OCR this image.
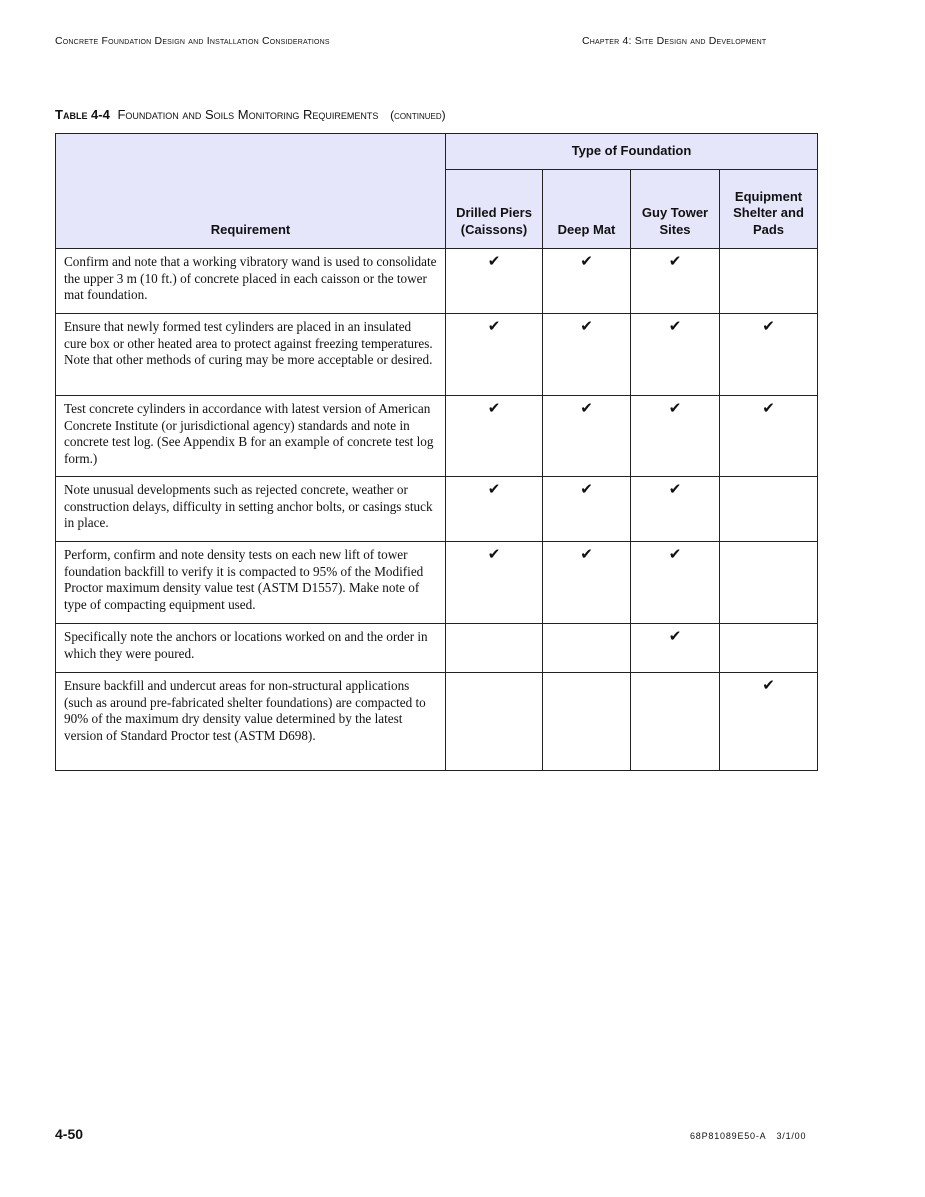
Concrete Foundation Design and Installation Considerations	Chapter 4: Site Design and Development
Table 4-4 Foundation and Soils Monitoring Requirements (continued)
Requirement	Type of Foundation			
	Drilled Piers (Caissons)	Deep Mat	Guy Tower Sites	Equipment Shelter and Pads
Confirm and note that a working vibratory wand is used to consolidate the upper 3 m (10 ft.) of concrete placed in each caisson or the tower mat foundation.	✔	✔	✔	
Ensure that newly formed test cylinders are placed in an insulated cure box or other heated area to protect against freezing temperatures. Note that other methods of curing may be more acceptable or desired.	✔	✔	✔	✔
Test concrete cylinders in accordance with latest version of American Concrete Institute (or jurisdictional agency) standards and note in concrete test log. (See Appendix B for an example of concrete test log form.)	✔	✔	✔	✔
Note unusual developments such as rejected concrete, weather or construction delays, difficulty in setting anchor bolts, or casings stuck in place.	✔	✔	✔	
Perform, confirm and note density tests on each new lift of tower foundation backfill to verify it is compacted to 95% of the Modified Proctor maximum density value test (ASTM D1557). Make note of type of compacting equipment used.	✔	✔	✔	
Specifically note the anchors or locations worked on and the order in which they were poured.			✔	
Ensure backfill and undercut areas for non-structural applications (such as around pre-fabricated shelter foundations) are compacted to 90% of the maximum dry density value determined by the latest version of Standard Proctor test (ASTM D698).				✔
4-50	68P81089E50-A 3/1/00
